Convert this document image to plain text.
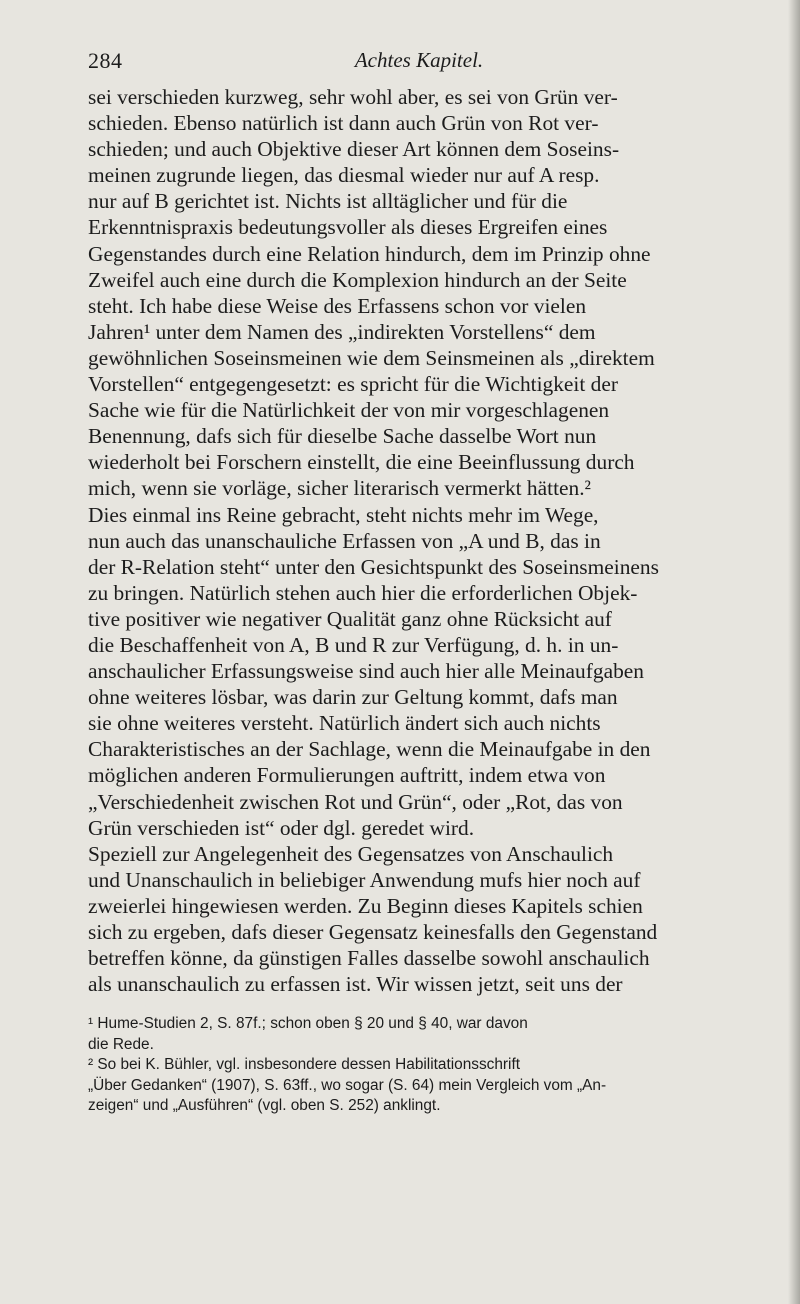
284	Achtes Kapitel.
sei verschieden kurzweg, sehr wohl aber, es sei von Grün ver-
schieden. Ebenso natürlich ist dann auch Grün von Rot ver-
schieden; und auch Objektive dieser Art können dem Soseins-
meinen zugrunde liegen, das diesmal wieder nur auf A resp.
nur auf B gerichtet ist. Nichts ist alltäglicher und für die
Erkenntnispraxis bedeutungsvoller als dieses Ergreifen eines
Gegenstandes durch eine Relation hindurch, dem im Prinzip ohne
Zweifel auch eine durch die Komplexion hindurch an der Seite
steht. Ich habe diese Weise des Erfassens schon vor vielen
Jahren¹ unter dem Namen des „indirekten Vorstellens“ dem
gewöhnlichen Soseinsmeinen wie dem Seinsmeinen als „direktem
Vorstellen“ entgegengesetzt: es spricht für die Wichtigkeit der
Sache wie für die Natürlichkeit der von mir vorgeschlagenen
Benennung, dafs sich für dieselbe Sache dasselbe Wort nun
wiederholt bei Forschern einstellt, die eine Beeinflussung durch
mich, wenn sie vorläge, sicher literarisch vermerkt hätten.²
Dies einmal ins Reine gebracht, steht nichts mehr im Wege,
nun auch das unanschauliche Erfassen von „A und B, das in
der R-Relation steht“ unter den Gesichtspunkt des Soseinsmeinens
zu bringen. Natürlich stehen auch hier die erforderlichen Objek-
tive positiver wie negativer Qualität ganz ohne Rücksicht auf
die Beschaffenheit von A, B und R zur Verfügung, d. h. in un-
anschaulicher Erfassungsweise sind auch hier alle Meinaufgaben
ohne weiteres lösbar, was darin zur Geltung kommt, dafs man
sie ohne weiteres versteht. Natürlich ändert sich auch nichts
Charakteristisches an der Sachlage, wenn die Meinaufgabe in den
möglichen anderen Formulierungen auftritt, indem etwa von
„Verschiedenheit zwischen Rot und Grün“, oder „Rot, das von
Grün verschieden ist“ oder dgl. geredet wird.
Speziell zur Angelegenheit des Gegensatzes von Anschaulich
und Unanschaulich in beliebiger Anwendung mufs hier noch auf
zweierlei hingewiesen werden. Zu Beginn dieses Kapitels schien
sich zu ergeben, dafs dieser Gegensatz keinesfalls den Gegenstand
betreffen könne, da günstigen Falles dasselbe sowohl anschaulich
als unanschaulich zu erfassen ist. Wir wissen jetzt, seit uns der
¹ Hume-Studien 2, S. 87f.; schon oben § 20 und § 40, war davon
die Rede.
² So bei K. Bühler, vgl. insbesondere dessen Habilitationsschrift
„Über Gedanken“ (1907), S. 63ff., wo sogar (S. 64) mein Vergleich vom „An-
zeigen“ und „Ausführen“ (vgl. oben S. 252) anklingt.
